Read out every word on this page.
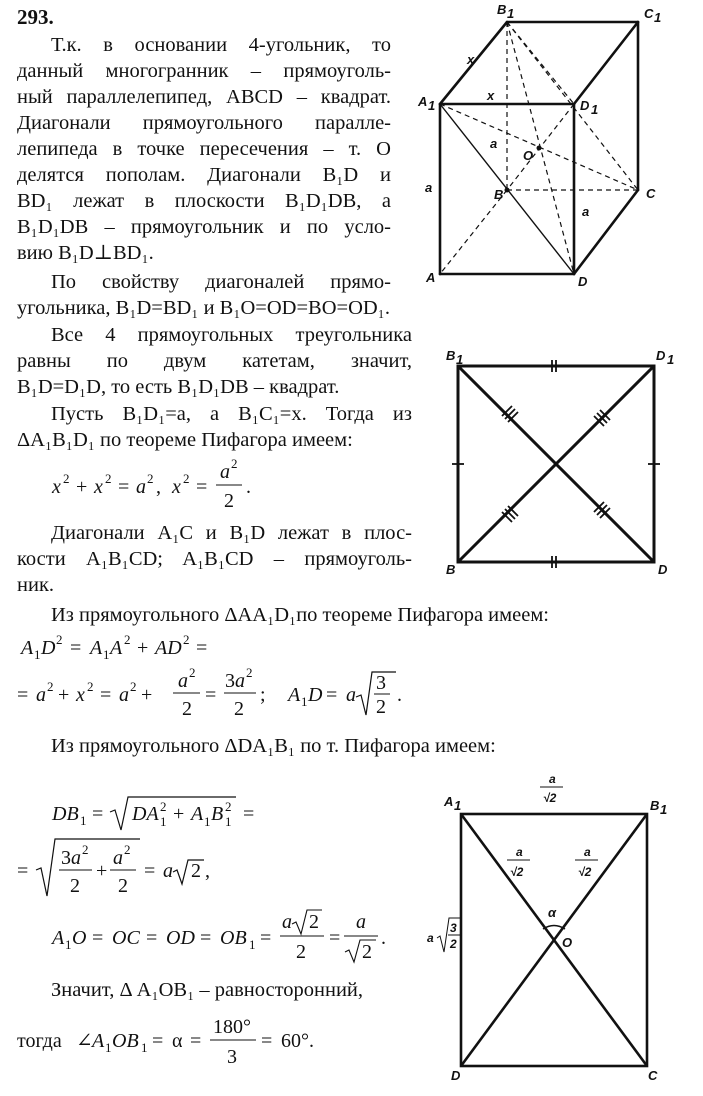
293.
Т.к. в основании 4-угольник, то
данный многогранник – прямоуголь-
ный параллелепипед, ABCD – квадрат.
Диагонали прямоугольного паралле-
лепипеда в точке пересечения – т. O
делятся пополам. Диагонали B₁D и
BD₁ лежат в плоскости B₁D₁DB, а
B₁D₁DB – прямоугольник и по усло-
вию B₁D⊥BD₁.
По свойству диагоналей прямо-
угольника, B₁D=BD₁ и B₁O=OD=BO=OD₁.
Все 4 прямоугольных треугольника
равны по двум катетам, значит,
B₁D=D₁D, то есть B₁D₁DB – квадрат.
Пусть B₁D₁=a, а B₁C₁=x. Тогда из
ΔA₁B₁D₁ по теореме Пифагора имеем:
Диагонали A₁C и B₁D лежат в плос-
кости A₁B₁CD; A₁B₁CD – прямоуголь-
ник.
Из прямоугольного ΔAA₁D₁по теореме Пифагора имеем:
Из прямоугольного ΔDA₁B₁ по т. Пифагора имеем:
Значит, Δ A₁OB₁ – равносторонний,
x 2 + x 2 = a 2 , x 2 =
a 2
2
.
A 1 D 2 = A 1 A 2 + AD 2 =
= a 2 + x 2 = a 2 +
a 2
2
=
3a 2
2
; A 1 D = a
3
2
.
DB 1 = DA 1
2 + A 1 B 1
2 =
=
3a 2
2
+
a 2
2
= a 2 ,
A 1 O = OC = OD = OB 1 =
a 2
2
=
a
2
.
тогда ∠ A 1 OB 1 = α =
180°
3
= 60°.
B 1	C 1
A 1	D 1
O
B	C
A	D
x
x
a
a
a
B 1	D 1
B	D
A 1	B 1
O
D	C
α
a
√2
a
√2
a
√2
a
3
2
